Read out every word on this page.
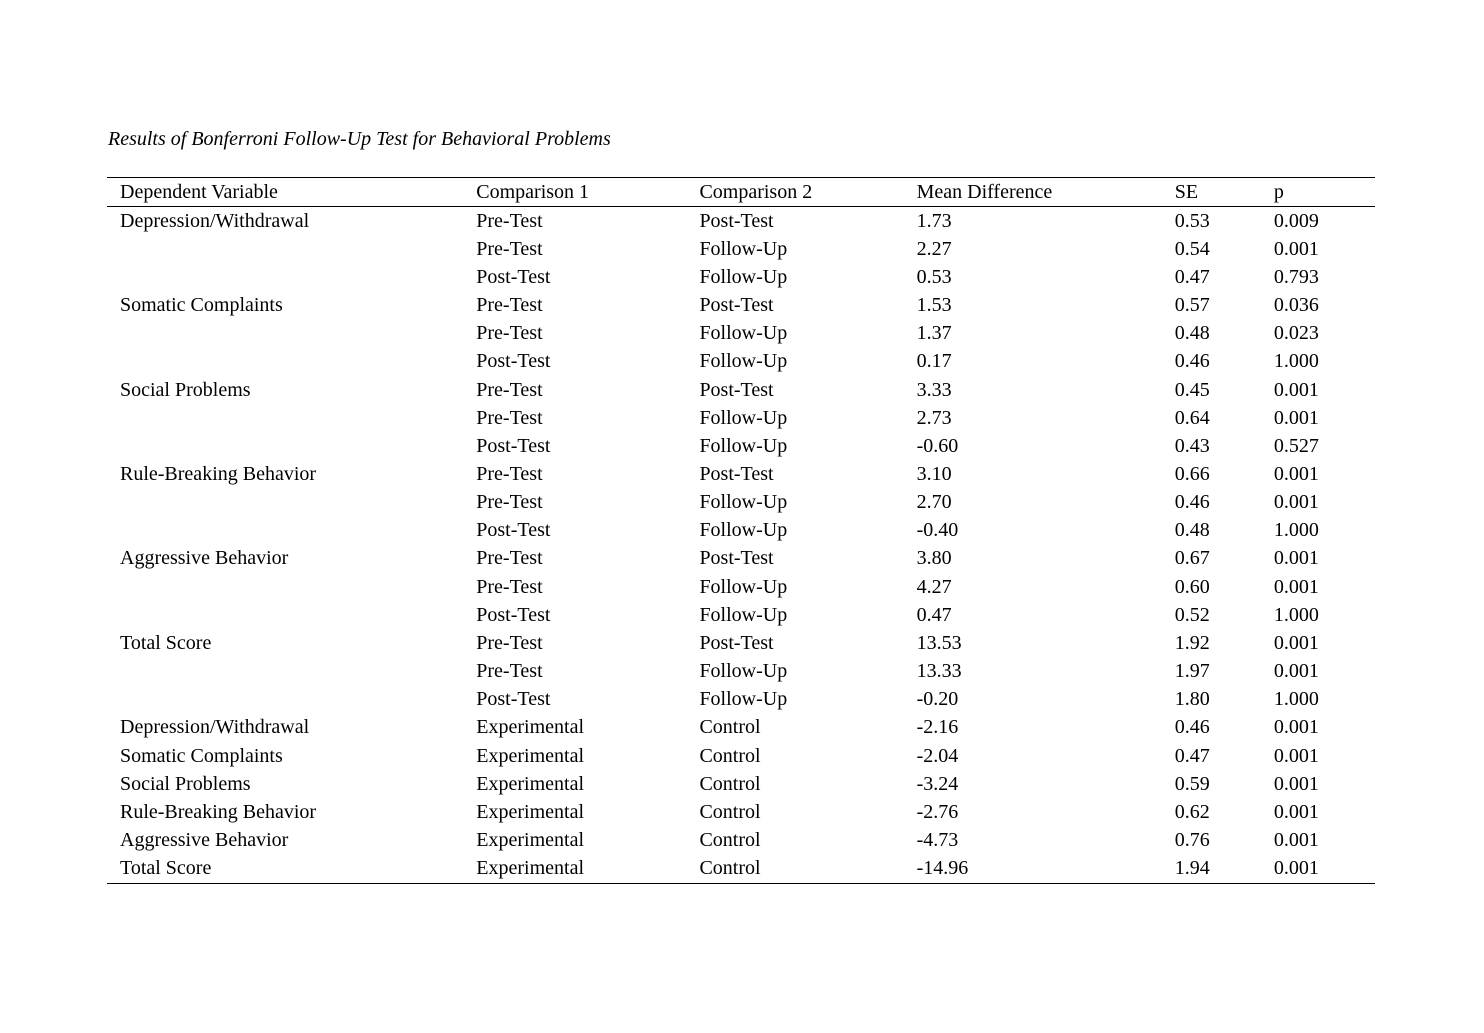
Results of Bonferroni Follow-Up Test for Behavioral Problems
Dependent Variable	Comparison 1	Comparison 2	Mean Difference	SE	p
Depression/Withdrawal	Pre-Test	Post-Test	1.73	0.53	0.009
	Pre-Test	Follow-Up	2.27	0.54	0.001
	Post-Test	Follow-Up	0.53	0.47	0.793
Somatic Complaints	Pre-Test	Post-Test	1.53	0.57	0.036
	Pre-Test	Follow-Up	1.37	0.48	0.023
	Post-Test	Follow-Up	0.17	0.46	1.000
Social Problems	Pre-Test	Post-Test	3.33	0.45	0.001
	Pre-Test	Follow-Up	2.73	0.64	0.001
	Post-Test	Follow-Up	-0.60	0.43	0.527
Rule-Breaking Behavior	Pre-Test	Post-Test	3.10	0.66	0.001
	Pre-Test	Follow-Up	2.70	0.46	0.001
	Post-Test	Follow-Up	-0.40	0.48	1.000
Aggressive Behavior	Pre-Test	Post-Test	3.80	0.67	0.001
	Pre-Test	Follow-Up	4.27	0.60	0.001
	Post-Test	Follow-Up	0.47	0.52	1.000
Total Score	Pre-Test	Post-Test	13.53	1.92	0.001
	Pre-Test	Follow-Up	13.33	1.97	0.001
	Post-Test	Follow-Up	-0.20	1.80	1.000
Depression/Withdrawal	Experimental	Control	-2.16	0.46	0.001
Somatic Complaints	Experimental	Control	-2.04	0.47	0.001
Social Problems	Experimental	Control	-3.24	0.59	0.001
Rule-Breaking Behavior	Experimental	Control	-2.76	0.62	0.001
Aggressive Behavior	Experimental	Control	-4.73	0.76	0.001
Total Score	Experimental	Control	-14.96	1.94	0.001
